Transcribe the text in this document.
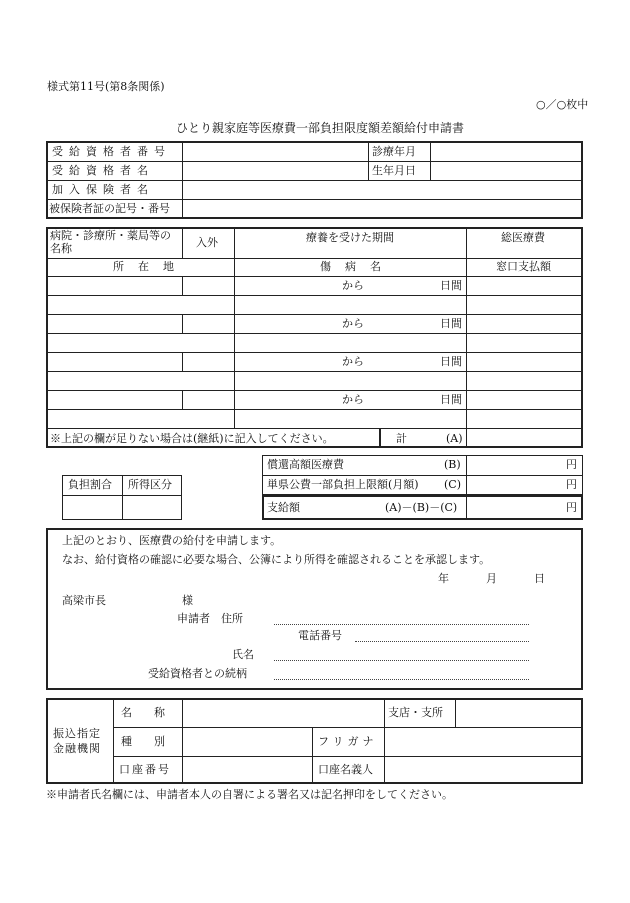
様式第11号(第8条関係)
○／○枚中
ひとり親家庭等医療費一部負担限度額差額給付申請書
受給資格者番号	診療年月
受給資格者名	生年月日
加入保険者名
被保険者証の記号・番号
病院・診療所・薬局等の名称	入外	療養を受けた期間	総医療費
所在地	傷病名	窓口支払額
から	日間
から	日間
から	日間
から	日間
※上記の欄が足りない場合は(継紙)に記入してください。	計	(A)
負担割合 所得区分
償還高額医療費	(B)	円
単県公費一部負担上限額(月額) (C)	円
支給額	(A)－(B)－(C)	円
上記のとおり、医療費の給付を申請します。
なお、給付資格の確認に必要な場合、公簿により所得を確認されることを承認します。
年	月	日
高梁市長	様
申請者　住所
電話番号
氏名
受給資格者との続柄
振込指定
金融機関
名称	支店・支所
種別	フリガナ
口座番号	口座名義人
※申請者氏名欄には、申請者本人の自署による署名又は記名押印をしてください。
